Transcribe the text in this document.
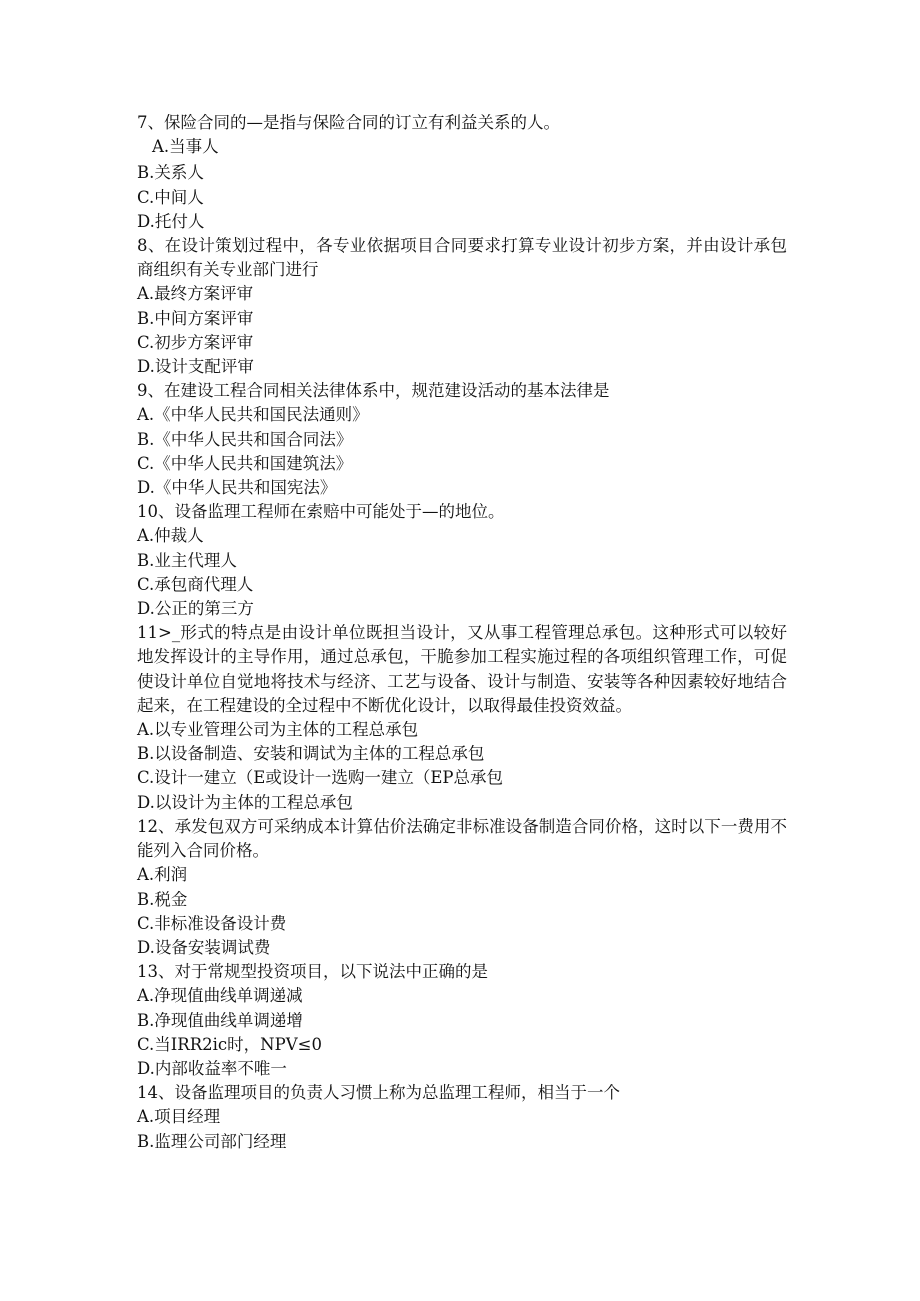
7、保险合同的—是指与保险合同的订立有利益关系的人。
A.当事人
B.关系人
C.中间人
D.托付人
8、在设计策划过程中，各专业依据项目合同要求打算专业设计初步方案，并由设计承包商组织有关专业部门进行
A.最终方案评审
B.中间方案评审
C.初步方案评审
D.设计支配评审
9、在建设工程合同相关法律体系中，规范建设活动的基本法律是
A.《中华人民共和国民法通则》
B.《中华人民共和国合同法》
C.《中华人民共和国建筑法》
D.《中华人民共和国宪法》
10、设备监理工程师在索赔中可能处于—的地位。
A.仲裁人
B.业主代理人
C.承包商代理人
D.公正的第三方
11>_形式的特点是由设计单位既担当设计，又从事工程管理总承包。这种形式可以较好地发挥设计的主导作用，通过总承包，干脆参加工程实施过程的各项组织管理工作，可促使设计单位自觉地将技术与经济、工艺与设备、设计与制造、安装等各种因素较好地结合起来，在工程建设的全过程中不断优化设计，以取得最佳投资效益。
A.以专业管理公司为主体的工程总承包
B.以设备制造、安装和调试为主体的工程总承包
C.设计一建立（E或设计一选购一建立（EP总承包
D.以设计为主体的工程总承包
12、承发包双方可采纳成本计算估价法确定非标准设备制造合同价格，这时以下一费用不能列入合同价格。
A.利润
B.税金
C.非标准设备设计费
D.设备安装调试费
13、对于常规型投资项目，以下说法中正确的是
A.净现值曲线单调递减
B.净现值曲线单调递增
C.当IRR2ic时，NPV≤0
D.内部收益率不唯一
14、设备监理项目的负责人习惯上称为总监理工程师，相当于一个
A.项目经理
B.监理公司部门经理
